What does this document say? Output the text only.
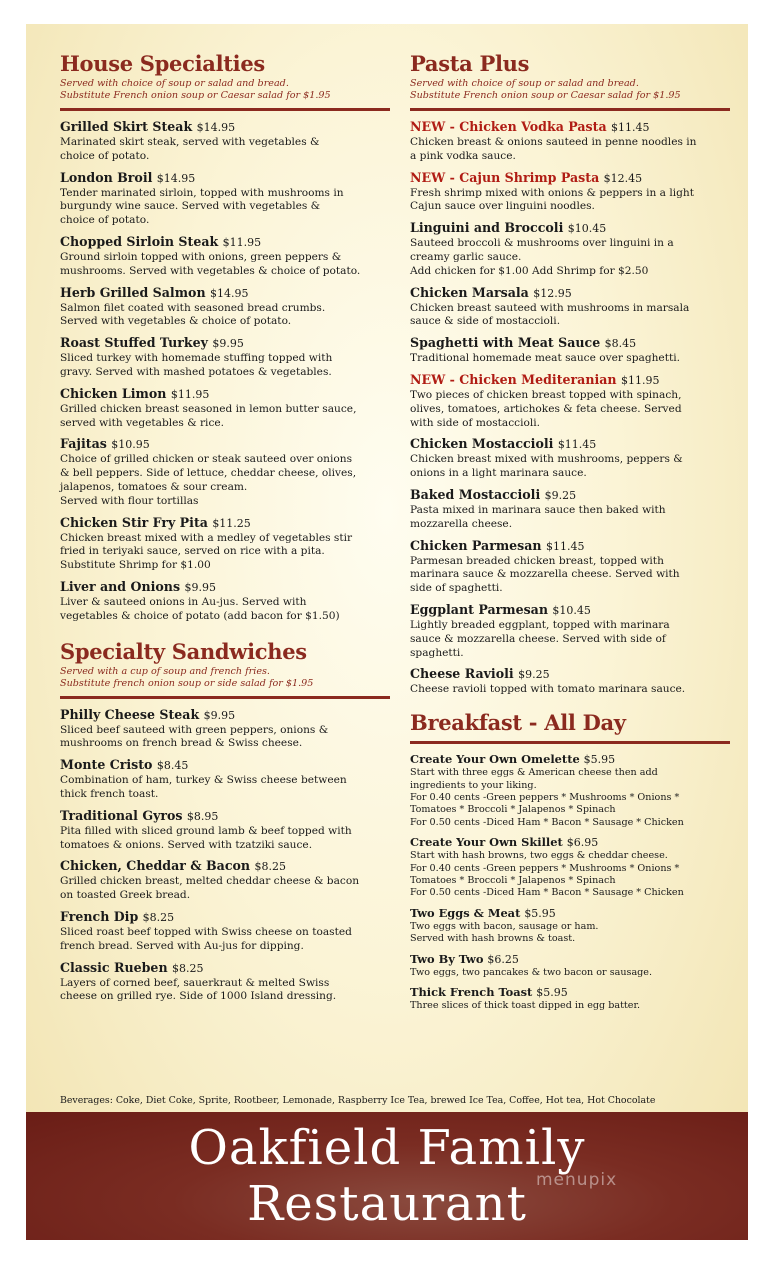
House Specialties
Served with choice of soup or salad and bread.
Substitute French onion soup or Caesar salad for $1.95
Grilled Skirt Steak $14.95
Marinated skirt steak, served with vegetables &
choice of potato.
London Broil $14.95
Tender marinated sirloin, topped with mushrooms in
burgundy wine sauce. Served with vegetables &
choice of potato.
Chopped Sirloin Steak $11.95
Ground sirloin topped with onions, green peppers &
mushrooms. Served with vegetables & choice of potato.
Herb Grilled Salmon $14.95
Salmon filet coated with seasoned bread crumbs.
Served with vegetables & choice of potato.
Roast Stuffed Turkey $9.95
Sliced turkey with homemade stuffing topped with
gravy. Served with mashed potatoes & vegetables.
Chicken Limon $11.95
Grilled chicken breast seasoned in lemon butter sauce,
served with vegetables & rice.
Fajitas $10.95
Choice of grilled chicken or steak sauteed over onions
& bell peppers. Side of lettuce, cheddar cheese, olives,
jalapenos, tomatoes & sour cream.
Served with flour tortillas
Chicken Stir Fry Pita $11.25
Chicken breast mixed with a medley of vegetables stir
fried in teriyaki sauce, served on rice with a pita.
Substitute Shrimp for $1.00
Liver and Onions $9.95
Liver & sauteed onions in Au-jus. Served with
vegetables & choice of potato (add bacon for $1.50)
Specialty Sandwiches
Served with a cup of soup and french fries.
Substitute french onion soup or side salad for $1.95
Philly Cheese Steak $9.95
Sliced beef sauteed with green peppers, onions &
mushrooms on french bread & Swiss cheese.
Monte Cristo $8.45
Combination of ham, turkey & Swiss cheese between
thick french toast.
Traditional Gyros $8.95
Pita filled with sliced ground lamb & beef topped with
tomatoes & onions. Served with tzatziki sauce.
Chicken, Cheddar & Bacon $8.25
Grilled chicken breast, melted cheddar cheese & bacon
on toasted Greek bread.
French Dip $8.25
Sliced roast beef topped with Swiss cheese on toasted
french bread. Served with Au-jus for dipping.
Classic Rueben $8.25
Layers of corned beef, sauerkraut & melted Swiss
cheese on grilled rye. Side of 1000 Island dressing.
Pasta Plus
Served with choice of soup or salad and bread.
Substitute French onion soup or Caesar salad for $1.95
NEW - Chicken Vodka Pasta $11.45
Chicken breast & onions sauteed in penne noodles in
a pink vodka sauce.
NEW - Cajun Shrimp Pasta $12.45
Fresh shrimp mixed with onions & peppers in a light
Cajun sauce over linguini noodles.
Linguini and Broccoli $10.45
Sauteed broccoli & mushrooms over linguini in a
creamy garlic sauce.
Add chicken for $1.00 Add Shrimp for $2.50
Chicken Marsala $12.95
Chicken breast sauteed with mushrooms in marsala
sauce & side of mostaccioli.
Spaghetti with Meat Sauce $8.45
Traditional homemade meat sauce over spaghetti.
NEW - Chicken Mediteranian $11.95
Two pieces of chicken breast topped with spinach,
olives, tomatoes, artichokes & feta cheese. Served
with side of mostaccioli.
Chicken Mostaccioli $11.45
Chicken breast mixed with mushrooms, peppers &
onions in a light marinara sauce.
Baked Mostaccioli $9.25
Pasta mixed in marinara sauce then baked with
mozzarella cheese.
Chicken Parmesan $11.45
Parmesan breaded chicken breast, topped with
marinara sauce & mozzarella cheese. Served with
side of spaghetti.
Eggplant Parmesan $10.45
Lightly breaded eggplant, topped with marinara
sauce & mozzarella cheese. Served with side of
spaghetti.
Cheese Ravioli $9.25
Cheese ravioli topped with tomato marinara sauce.
Breakfast - All Day
Create Your Own Omelette $5.95
Start with three eggs & American cheese then add
ingredients to your liking.
For 0.40 cents -Green peppers * Mushrooms * Onions *
Tomatoes * Broccoli * Jalapenos * Spinach
For 0.50 cents -Diced Ham * Bacon * Sausage * Chicken
Create Your Own Skillet $6.95
Start with hash browns, two eggs & cheddar cheese.
For 0.40 cents -Green peppers * Mushrooms * Onions *
Tomatoes * Broccoli * Jalapenos * Spinach
For 0.50 cents -Diced Ham * Bacon * Sausage * Chicken
Two Eggs & Meat $5.95
Two eggs with bacon, sausage or ham.
Served with hash browns & toast.
Two By Two $6.25
Two eggs, two pancakes & two bacon or sausage.
Thick French Toast $5.95
Three slices of thick toast dipped in egg batter.
Beverages: Coke, Diet Coke, Sprite, Rootbeer, Lemonade, Raspberry Ice Tea, brewed Ice Tea, Coffee, Hot tea, Hot Chocolate
Oakfield Family
Restaurant menupix
